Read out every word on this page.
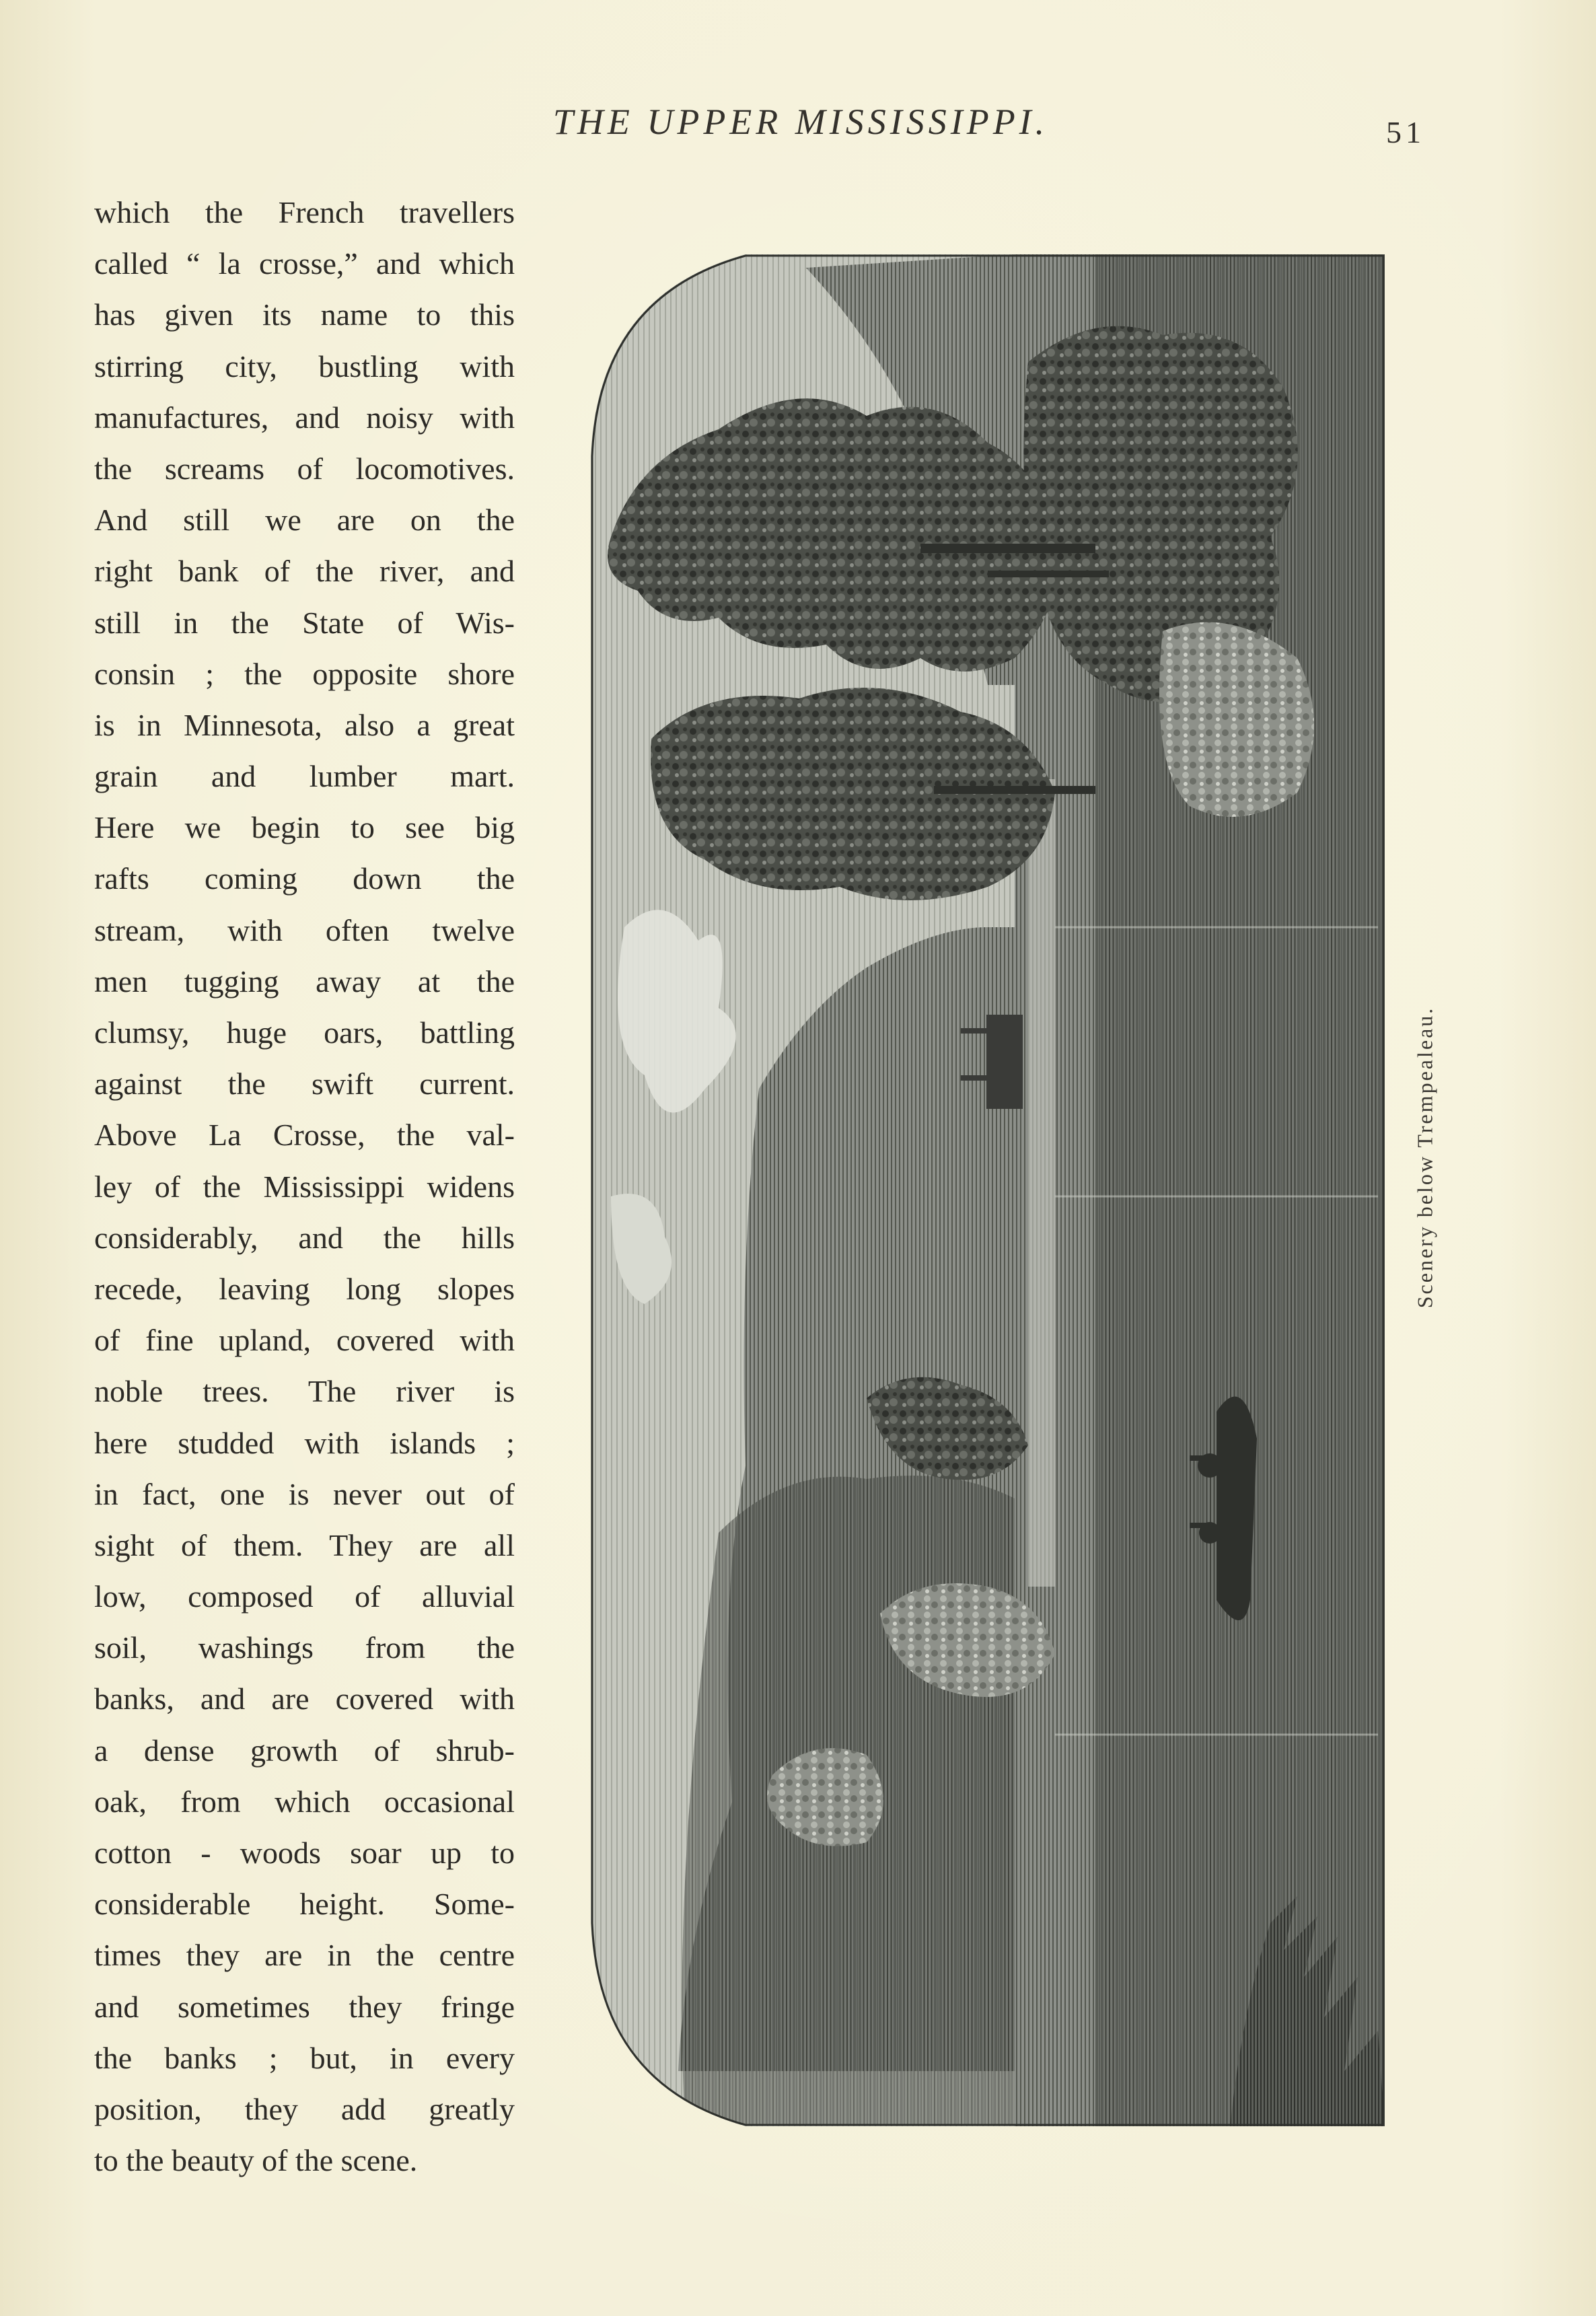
THE UPPER MISSISSIPPI.	51
which the French travellers
called “ la crosse,” and which
has given its name to this
stirring city, bustling with
manufactures, and noisy with
the screams of locomotives.
And still we are on the
right bank of the river, and
still in the State of Wis-
consin ; the opposite shore
is in Minnesota, also a great
grain and lumber mart.
Here we begin to see big
rafts coming down the
stream, with often twelve
men tugging away at the
clumsy, huge oars, battling
against the swift current.
Above La Crosse, the val-
ley of the Mississippi widens
considerably, and the hills
recede, leaving long slopes
of fine upland, covered with
noble trees. The river is
here studded with islands ;
in fact, one is never out of
sight of them. They are all
low, composed of alluvial
soil, washings from the
banks, and are covered with
a dense growth of shrub-
oak, from which occasional
cotton - woods soar up to
considerable height. Some-
times they are in the centre
and sometimes they fringe
the banks ; but, in every
position, they add greatly
to the beauty of the scene.
Scenery below Trempealeau.
